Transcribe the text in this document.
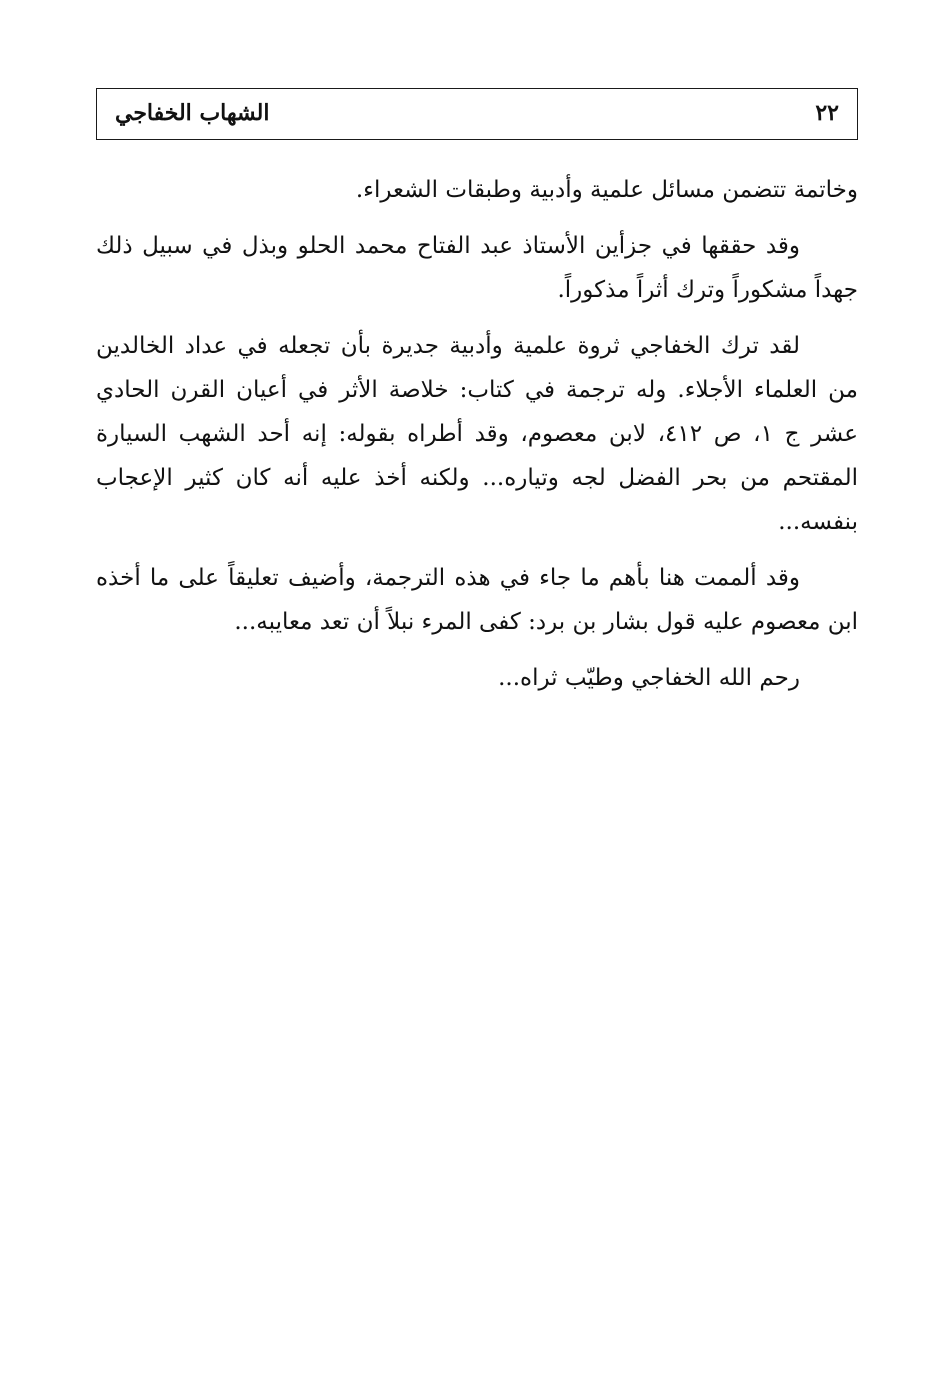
٢٢
الشهاب الخفاجي

وخاتمة تتضمن مسائل علمية وأدبية وطبقات الشعراء.

وقد حققها في جزأين الأستاذ عبد الفتاح محمد الحلو وبذل في سبيل ذلك جهداً مشكوراً وترك أثراً مذكوراً.

لقد ترك الخفاجي ثروة علمية وأدبية جديرة بأن تجعله في عداد الخالدين من العلماء الأجلاء. وله ترجمة في كتاب: خلاصة الأثر في أعيان القرن الحادي عشر ج ١، ص ٤١٢، لابن معصوم، وقد أطراه بقوله: إنه أحد الشهب السيارة المقتحم من بحر الفضل لجه وتياره... ولكنه أخذ عليه أنه كان كثير الإعجاب بنفسه...

وقد ألممت هنا بأهم ما جاء في هذه الترجمة، وأضيف تعليقاً على ما أخذه ابن معصوم عليه قول بشار بن برد: كفى المرء نبلاً أن تعد معايبه...

رحم الله الخفاجي وطيّب ثراه...
